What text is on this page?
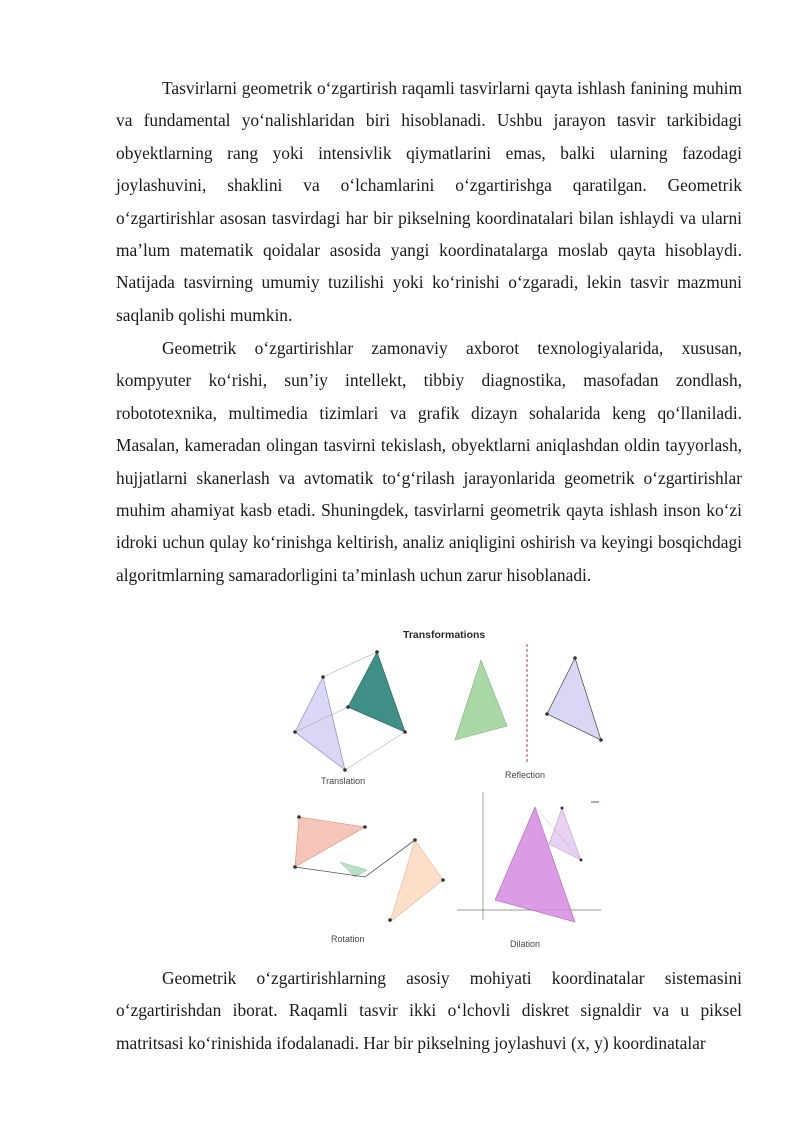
Tasvirlarni geometrik o‘zgartirish raqamli tasvirlarni qayta ishlash fanining muhim va fundamental yo‘nalishlaridan biri hisoblanadi. Ushbu jarayon tasvir tarkibidagi obyektlarning rang yoki intensivlik qiymatlarini emas, balki ularning fazodagi joylashuvini, shaklini va o‘lchamlarini o‘zgartirishga qaratilgan. Geometrik o‘zgartirishlar asosan tasvirdagi har bir pikselning koordinatalari bilan ishlaydi va ularni ma’lum matematik qoidalar asosida yangi koordinatalarga moslab qayta hisoblaydi. Natijada tasvirning umumiy tuzilishi yoki ko‘rinishi o‘zgaradi, lekin tasvir mazmuni saqlanib qolishi mumkin.

Geometrik o‘zgartirishlar zamonaviy axborot texnologiyalarida, xususan, kompyuter ko‘rishi, sun’iy intellekt, tibbiy diagnostika, masofadan zondlash, robototexnika, multimedia tizimlari va grafik dizayn sohalarida keng qo‘llaniladi. Masalan, kameradan olingan tasvirni tekislash, obyektlarni aniqlashdan oldin tayyorlash, hujjatlarni skanerlash va avtomatik to‘g‘rilash jarayonlarida geometrik o‘zgartirishlar muhim ahamiyat kasb etadi. Shuningdek, tasvirlarni geometrik qayta ishlash inson ko‘zi idroki uchun qulay ko‘rinishga keltirish, analiz aniqligini oshirish va keyingi bosqichdagi algoritmlarning samaradorligini ta’minlash uchun zarur hisoblanadi.

Transformations
Translation
Reflection
Rotation	Dilation

Geometrik o‘zgartirishlarning asosiy mohiyati koordinatalar sistemasini o‘zgartirishdan iborat. Raqamli tasvir ikki o‘lchovli diskret signaldir va u piksel matritsasi ko‘rinishida ifodalanadi. Har bir pikselning joylashuvi (x, y) koordinatalar
